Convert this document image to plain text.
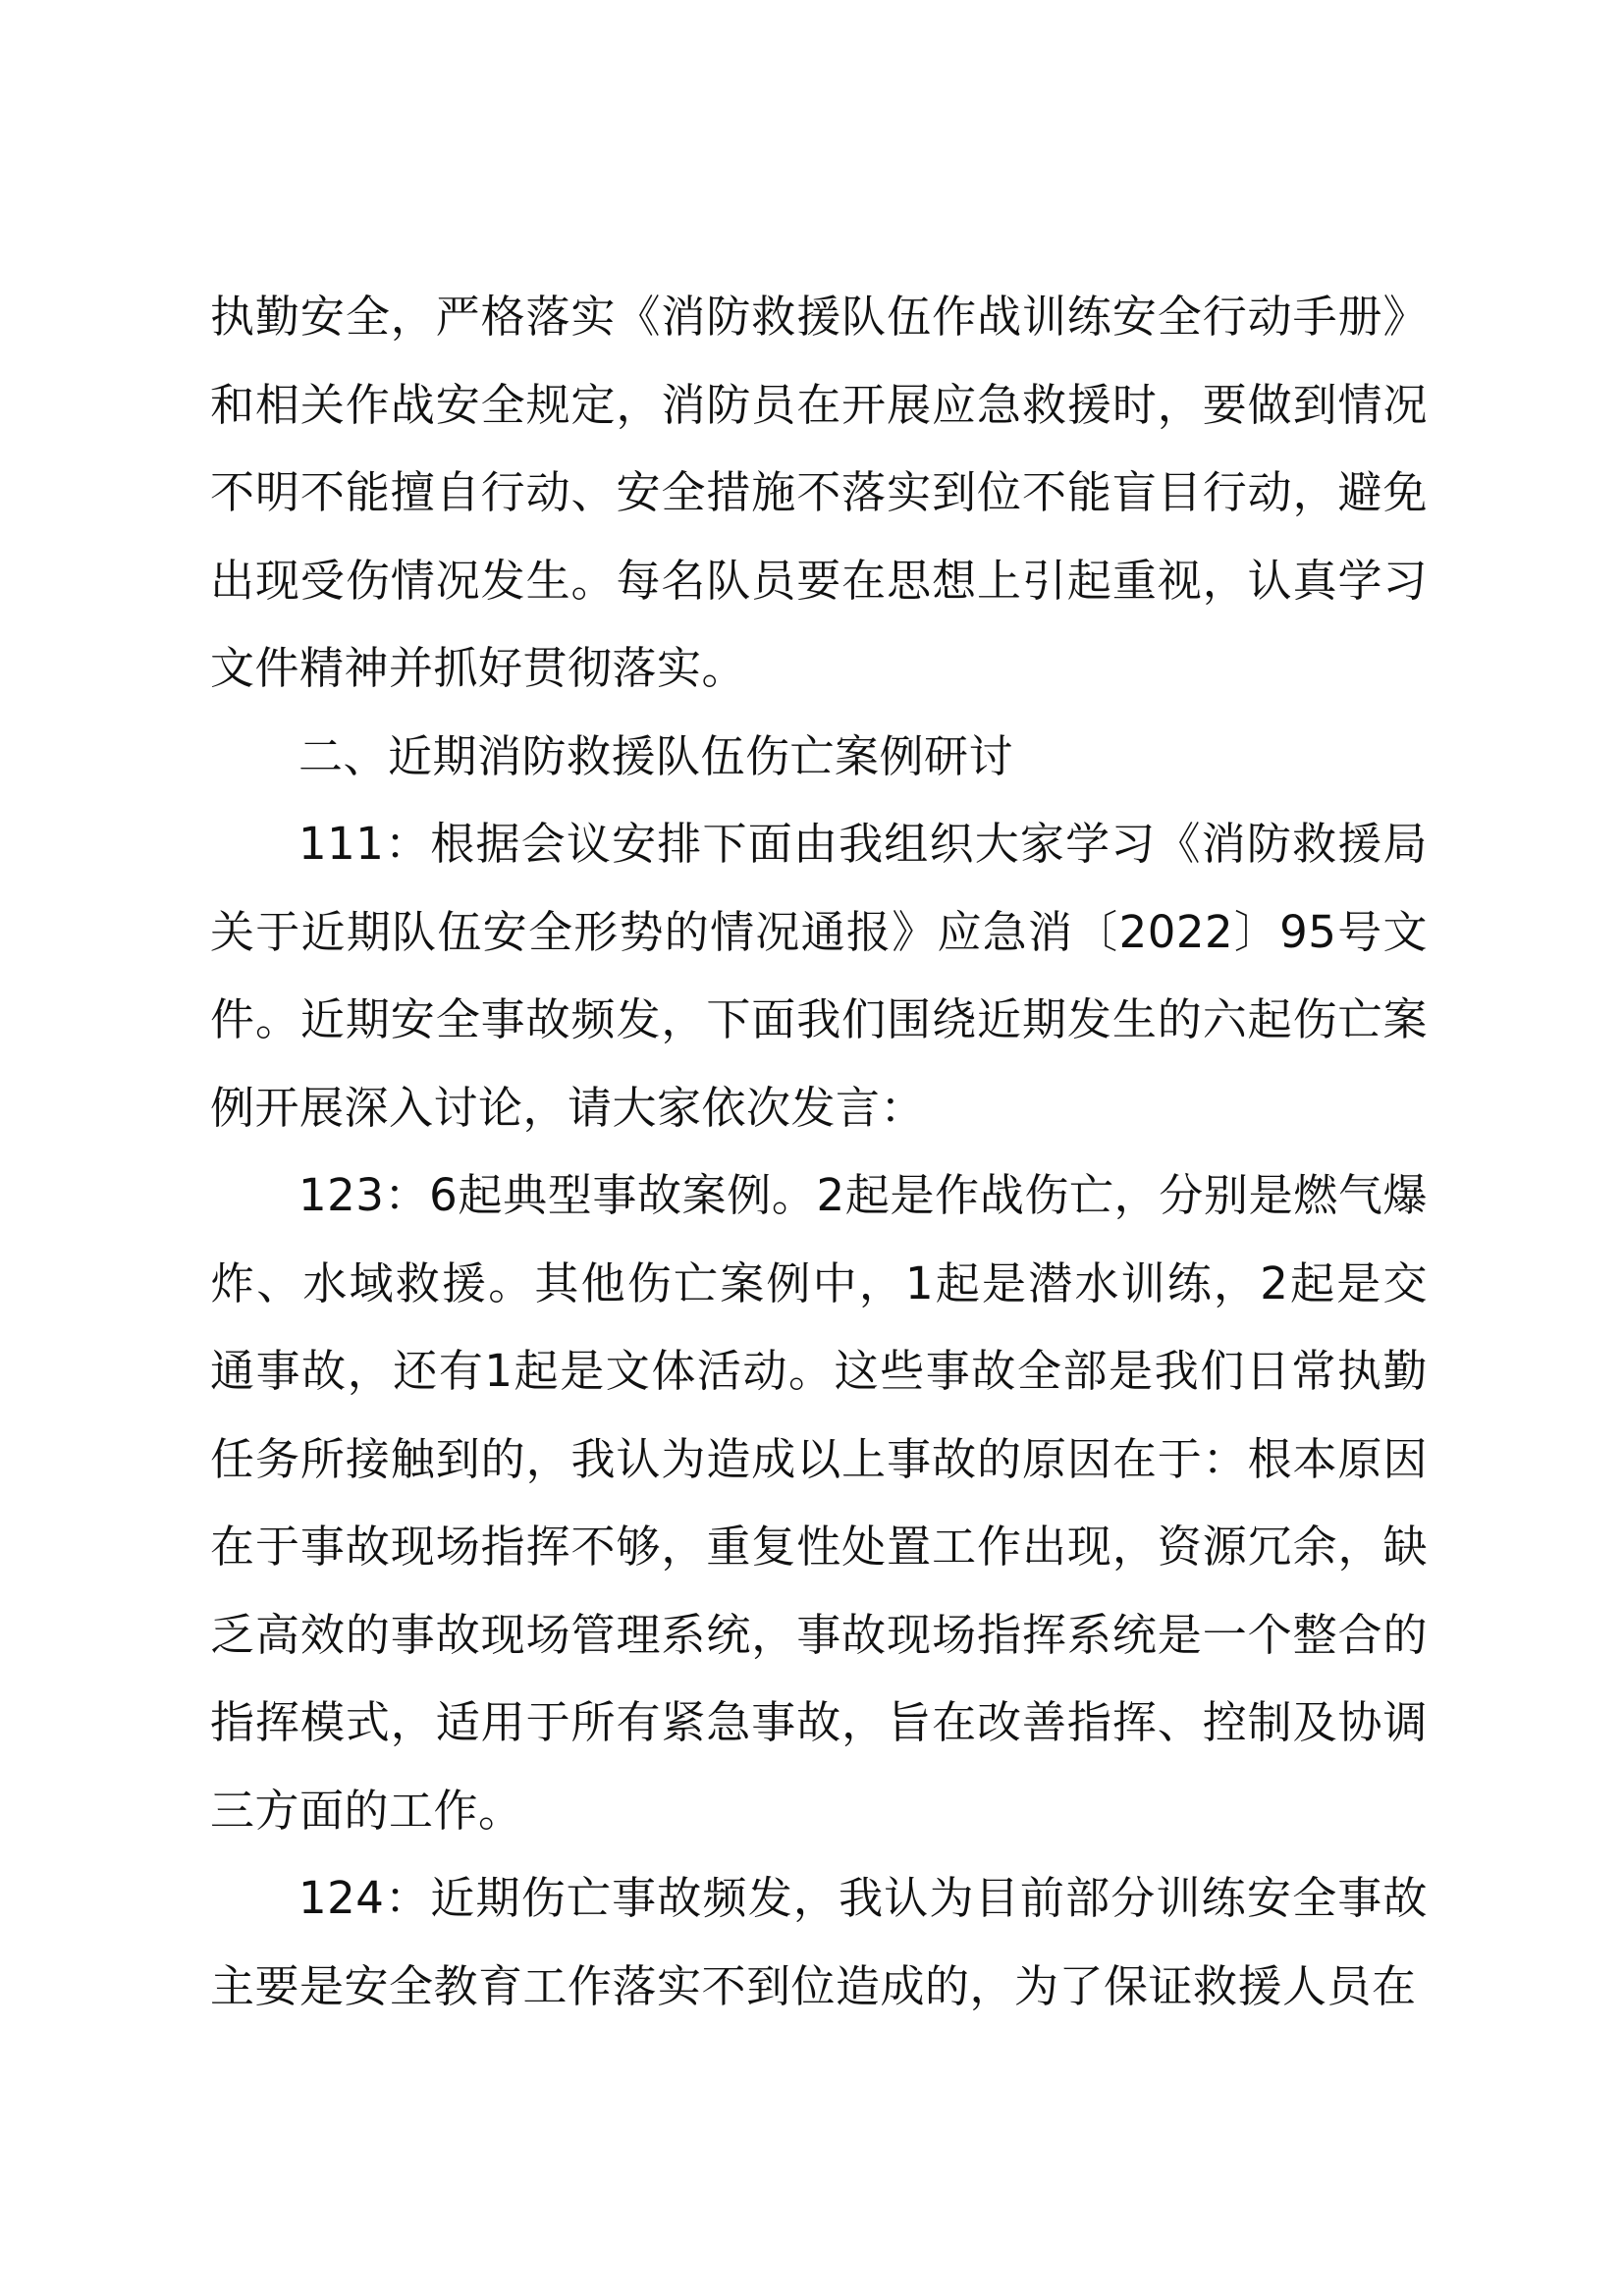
执勤安全，严格落实《消防救援队伍作战训练安全行动手册》和相关作战安全规定，消防员在开展应急救援时，要做到情况不明不能擅自行动、安全措施不落实到位不能盲目行动，避免出现受伤情况发生。每名队员要在思想上引起重视，认真学习文件精神并抓好贯彻落实。

二、近期消防救援队伍伤亡案例研讨

111：根据会议安排下面由我组织大家学习《消防救援局关于近期队伍安全形势的情况通报》应急消〔2022〕95号文件。近期安全事故频发，下面我们围绕近期发生的六起伤亡案例开展深入讨论，请大家依次发言：

123：6起典型事故案例。2起是作战伤亡，分别是燃气爆炸、水域救援。其他伤亡案例中，1起是潜水训练，2起是交通事故，还有1起是文体活动。这些事故全部是我们日常执勤任务所接触到的，我认为造成以上事故的原因在于：根本原因在于事故现场指挥不够，重复性处置工作出现，资源冗余，缺乏高效的事故现场管理系统，事故现场指挥系统是一个整合的指挥模式，适用于所有紧急事故，旨在改善指挥、控制及协调三方面的工作。

124：近期伤亡事故频发，我认为目前部分训练安全事故主要是安全教育工作落实不到位造成的，为了保证救援人员在
